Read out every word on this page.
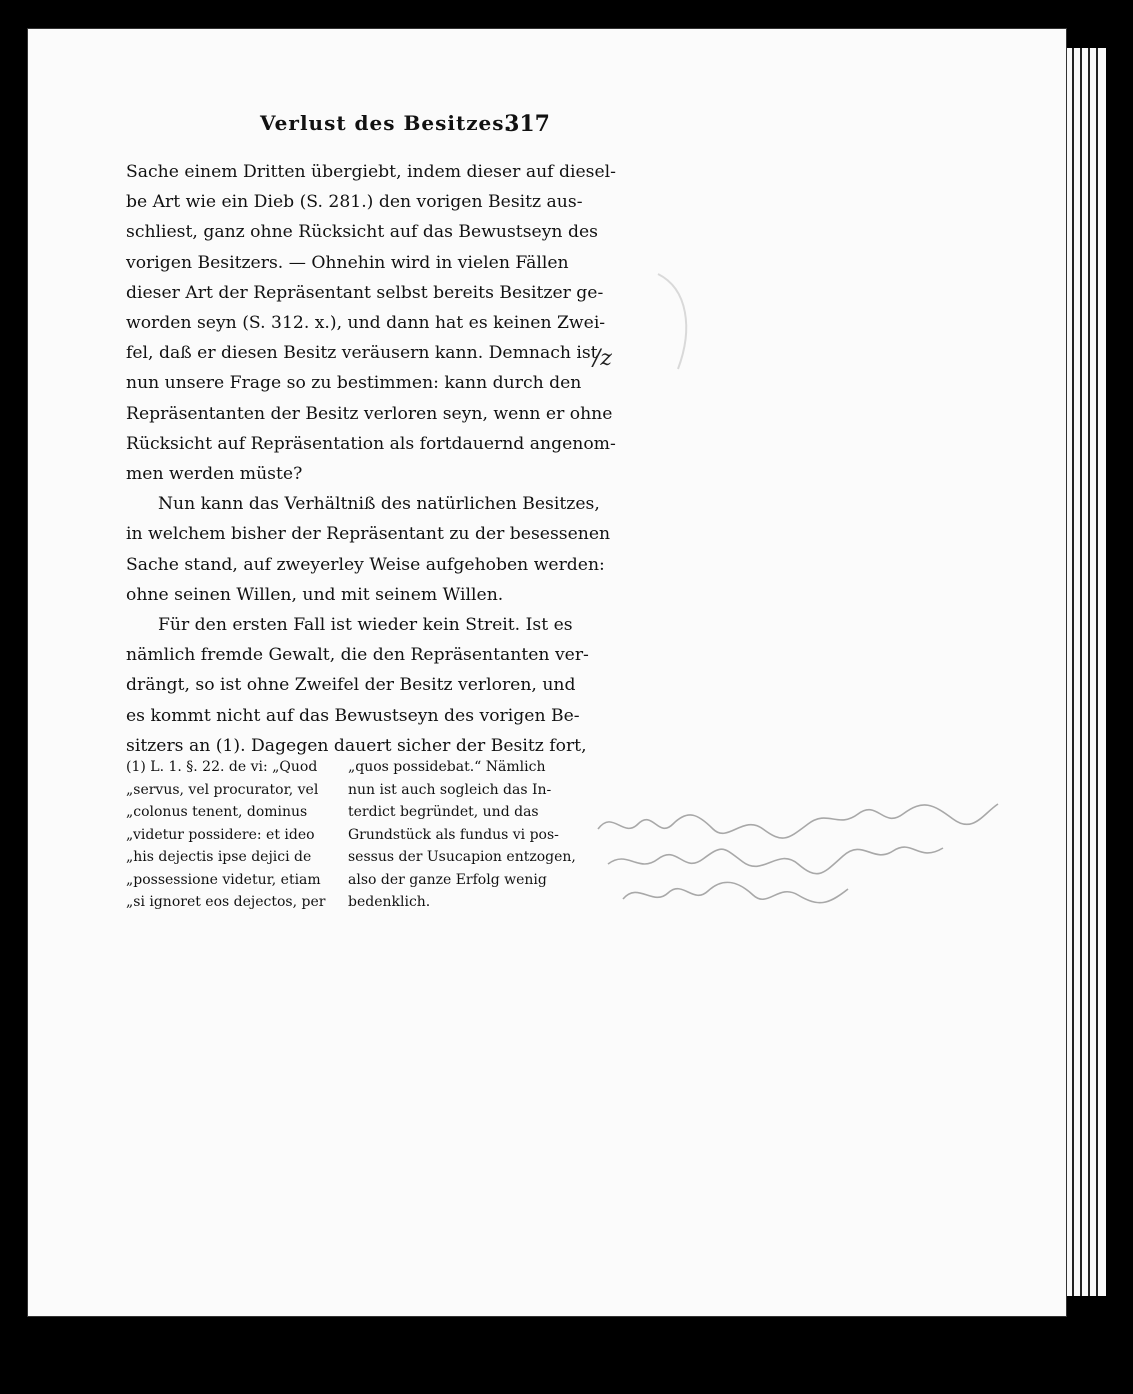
Verlust des Besitzes.
317
Sache einem Dritten übergiebt, indem dieser auf diesel-
be Art wie ein Dieb (S. 281.) den vorigen Besitz aus-
schliest, ganz ohne Rücksicht auf das Bewustseyn des
vorigen Besitzers. — Ohnehin wird in vielen Fällen
dieser Art der Repräsentant selbst bereits Besitzer ge-
worden seyn (S. 312. x.), und dann hat es keinen Zwei-
fel, daß er diesen Besitz veräusern kann. Demnach ist
nun unsere Frage so zu bestimmen: kann durch den
Repräsentanten der Besitz verloren seyn, wenn er ohne
Rücksicht auf Repräsentation als fortdauernd angenom-
men werden müste?
Nun kann das Verhältniß des natürlichen Besitzes,
in welchem bisher der Repräsentant zu der besessenen
Sache stand, auf zweyerley Weise aufgehoben werden:
ohne seinen Willen, und mit seinem Willen.
Für den ersten Fall ist wieder kein Streit. Ist es
nämlich fremde Gewalt, die den Repräsentanten ver-
drängt, so ist ohne Zweifel der Besitz verloren, und
es kommt nicht auf das Bewustseyn des vorigen Be-
sitzers an (1). Dagegen dauert sicher der Besitz fort,
(1) L. 1. §. 22. de vi: „Quod
„servus, vel procurator, vel
„colonus tenent, dominus
„videtur possidere: et ideo
„his dejectis ipse dejici de
„possessione videtur, etiam
„si ignoret eos dejectos, per
„quos possidebat.“ Nämlich
nun ist auch sogleich das In-
terdict begründet, und das
Grundstück als fundus vi pos-
sessus der Usucapion entzogen,
also der ganze Erfolg wenig
bedenklich.
/z
